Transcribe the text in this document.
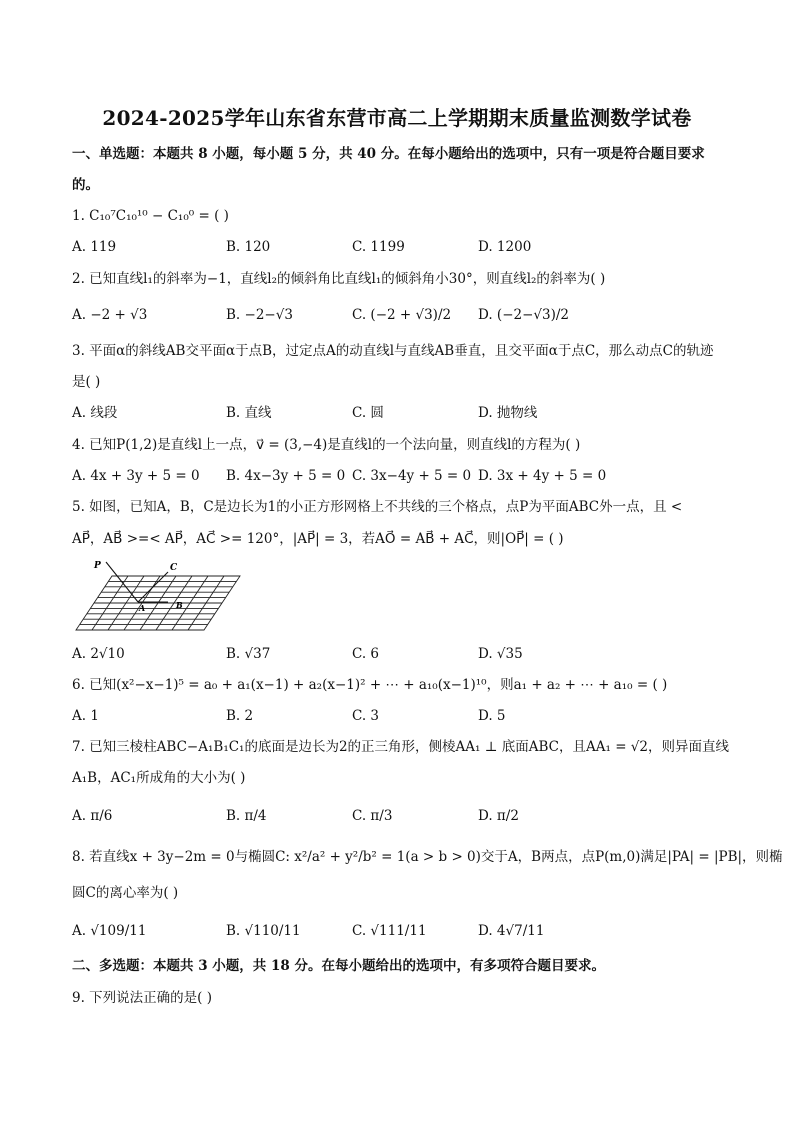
2024-2025学年山东省东营市高二上学期期末质量监测数学试卷
一、单选题：本题共 8 小题，每小题 5 分，共 40 分。在每小题给出的选项中，只有一项是符合题目要求
的。
1. C₁₀⁷C₁₀¹⁰ − C₁₀⁰ = ( )
A. 119	B. 120	C. 1199	D. 1200
2. 已知直线l₁的斜率为−1，直线l₂的倾斜角比直线l₁的倾斜角小30°，则直线l₂的斜率为( )
A. −2 + √3	B. −2−√3	C. (−2 + √3)/2 D. (−2−√3)/2
3. 平面α的斜线AB交平面α于点B，过定点A的动直线l与直线AB垂直，且交平面α于点C，那么动点C的轨迹
是( )
A. 线段	B. 直线	C. 圆	D. 抛物线
4. 已知P(1,2)是直线l上一点，v⃗ = (3,−4)是直线l的一个法向量，则直线l的方程为( )
A. 4x + 3y + 5 = 0 B. 4x−3y + 5 = 0 C. 3x−4y + 5 = 0 D. 3x + 4y + 5 = 0
5. 如图，已知A，B，C是边长为1的小正方形网格上不共线的三个格点，点P为平面ABC外一点，且 <
AP⃗，AB⃗ >=< AP⃗，AC⃗ >= 120°，|AP⃗| = 3，若AO⃗ = AB⃗ + AC⃗，则|OP⃗| = ( )
P	C
A	B
A. 2√10	B. √37	C. 6	D. √35
6. 已知(x²−x−1)⁵ = a₀ + a₁(x−1) + a₂(x−1)² + ⋯ + a₁₀(x−1)¹⁰，则a₁ + a₂ + ⋯ + a₁₀ = ( )
A. 1	B. 2	C. 3	D. 5
7. 已知三棱柱ABC−A₁B₁C₁的底面是边长为2的正三角形，侧棱AA₁ ⊥ 底面ABC，且AA₁ = √2，则异面直线
A₁B，AC₁所成角的大小为( )
A. π/6	B. π/4	C. π/3	D. π/2
8. 若直线x + 3y−2m = 0与椭圆C: x²/a² + y²/b² = 1(a > b > 0)交于A，B两点，点P(m,0)满足|PA| = |PB|，则椭
圆C的离心率为( )
A. √109/11	B. √110/11	C. √111/11	D. 4√7/11
二、多选题：本题共 3 小题，共 18 分。在每小题给出的选项中，有多项符合题目要求。
9. 下列说法正确的是( )
